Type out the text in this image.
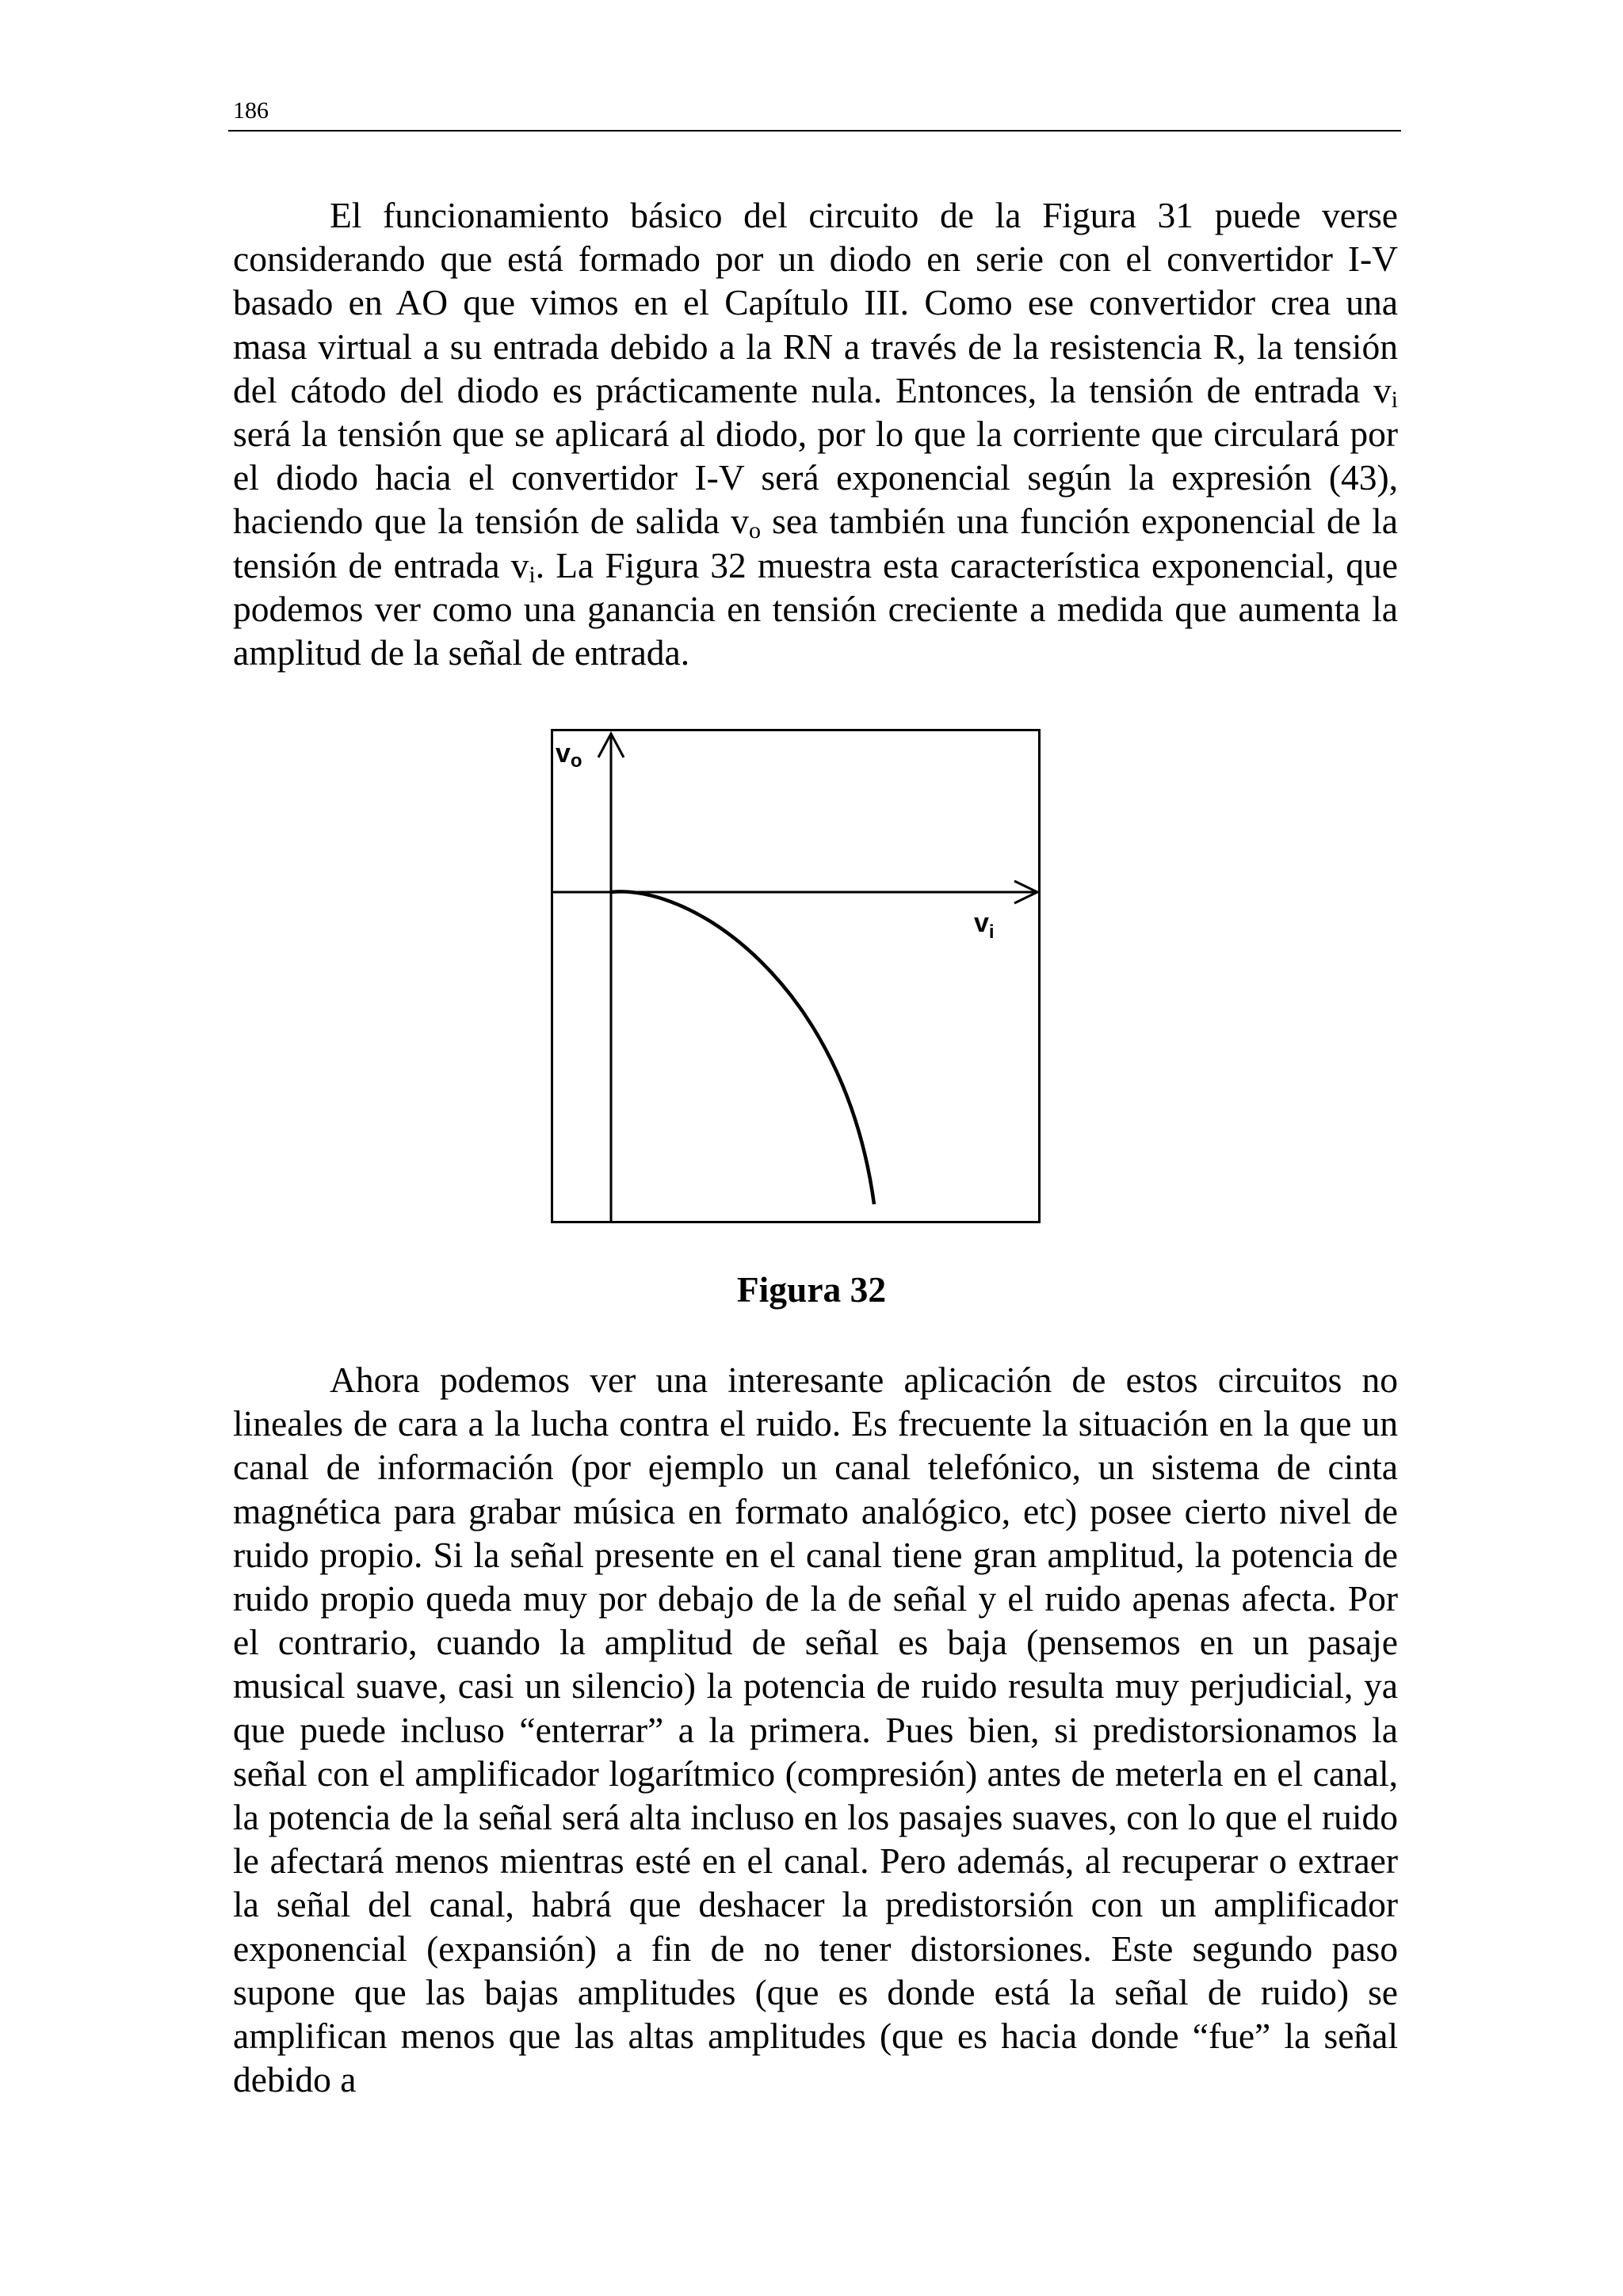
186

El funcionamiento básico del circuito de la Figura 31 puede verse considerando que está formado por un diodo en serie con el convertidor I-V basado en AO que vimos en el Capítulo III. Como ese convertidor crea una masa virtual a su entrada debido a la RN a través de la resistencia R, la tensión del cátodo del diodo es prácticamente nula. Entonces, la tensión de entrada $v_i$ será la tensión que se aplicará al diodo, por lo que la corriente que circulará por el diodo hacia el convertidor I-V será exponencial según la expresión (43), haciendo que la tensión de salida $v_o$ sea también una función exponencial de la tensión de entrada $v_i$. La Figura 32 muestra esta característica exponencial, que podemos ver como una ganancia en tensión creciente a medida que aumenta la amplitud de la señal de entrada.

vo
$v_i$
Figura 32

Ahora podemos ver una interesante aplicación de estos circuitos no lineales de cara a la lucha contra el ruido. Es frecuente la situación en la que un canal de información (por ejemplo un canal telefónico, un sistema de cinta magnética para grabar música en formato analógico, etc) posee cierto nivel de ruido propio. Si la señal presente en el canal tiene gran amplitud, la potencia de ruido propio queda muy por debajo de la de señal y el ruido apenas afecta. Por el contrario, cuando la amplitud de señal es baja (pensemos en un pasaje musical suave, casi un silencio) la potencia de ruido resulta muy perjudicial, ya que puede incluso “enterrar” a la primera. Pues bien, si predistorsionamos la señal con el amplificador logarítmico (compresión) antes de meterla en el canal, la potencia de la señal será alta incluso en los pasajes suaves, con lo que el ruido le afectará menos mientras esté en el canal. Pero además, al recuperar o extraer la señal del canal, habrá que deshacer la predistorsión con un amplificador exponencial (expansión) a fin de no tener distorsiones. Este segundo paso supone que las bajas amplitudes (que es donde está la señal de ruido) se amplifican menos que las altas amplitudes (que es hacia donde “fue” la señal debido a
